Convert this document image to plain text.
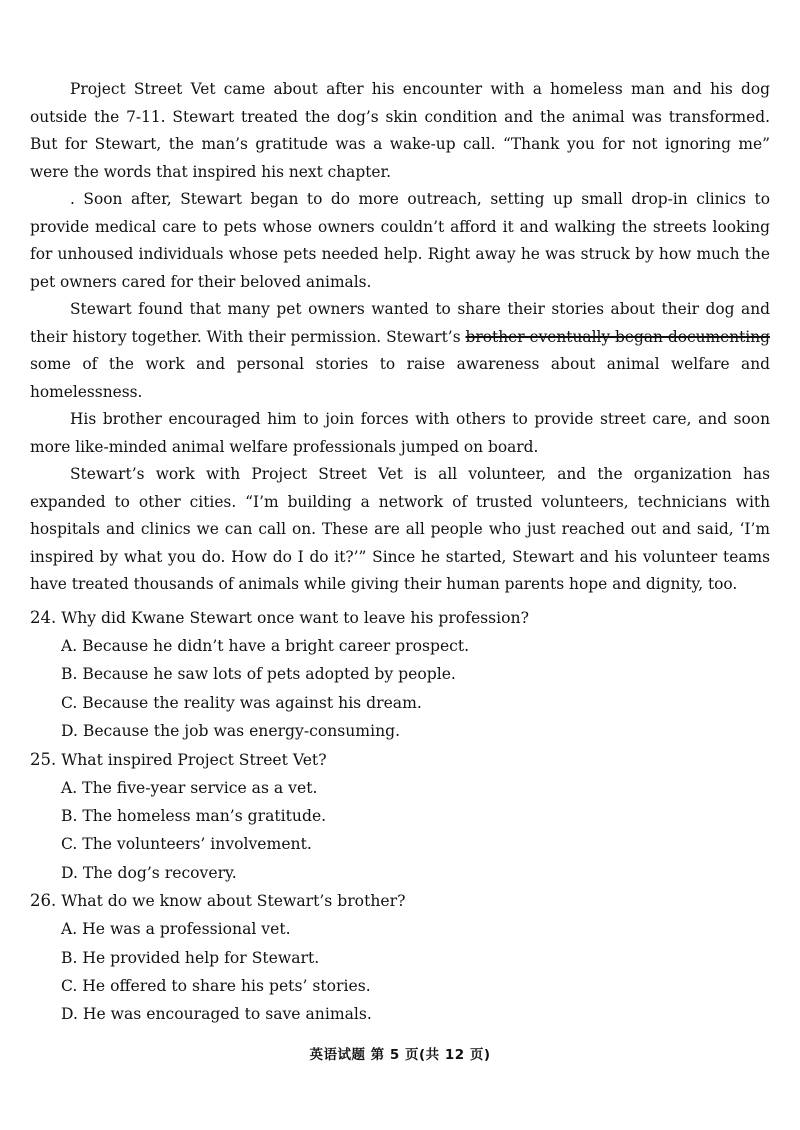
Project Street Vet came about after his encounter with a homeless man and his dog outside the 7-11. Stewart treated the dog’s skin condition and the animal was transformed. But for Stewart, the man’s gratitude was a wake-up call. “Thank you for not ignoring me” were the words that inspired his next chapter.

. Soon after, Stewart began to do more outreach, setting up small drop-in clinics to provide medical care to pets whose owners couldn’t afford it and walking the streets looking for unhoused individuals whose pets needed help. Right away he was struck by how much the pet owners cared for their beloved animals.

Stewart found that many pet owners wanted to share their stories about their dog and their history together. With their permission. Stewart’s brother eventually began documenting some of the work and personal stories to raise awareness about animal welfare and homelessness.

His brother encouraged him to join forces with others to provide street care, and soon more like-minded animal welfare professionals jumped on board.

Stewart’s work with Project Street Vet is all volunteer, and the organization has expanded to other cities. “I’m building a network of trusted volunteers, technicians with hospitals and clinics we can call on. These are all people who just reached out and said, ‘I’m inspired by what you do. How do I do it?’” Since he started, Stewart and his volunteer teams have treated thousands of animals while giving their human parents hope and dignity, too.

24. Why did Kwane Stewart once want to leave his profession?
A. Because he didn’t have a bright career prospect.
B. Because he saw lots of pets adopted by people.
C. Because the reality was against his dream.
D. Because the job was energy-consuming.
25. What inspired Project Street Vet?
A. The five-year service as a vet.
B. The homeless man’s gratitude.
C. The volunteers’ involvement.
D. The dog’s recovery.
26. What do we know about Stewart’s brother?
A. He was a professional vet.
B. He provided help for Stewart.
C. He offered to share his pets’ stories.
D. He was encouraged to save animals.
英语试题 第 5 页(共 12 页)
